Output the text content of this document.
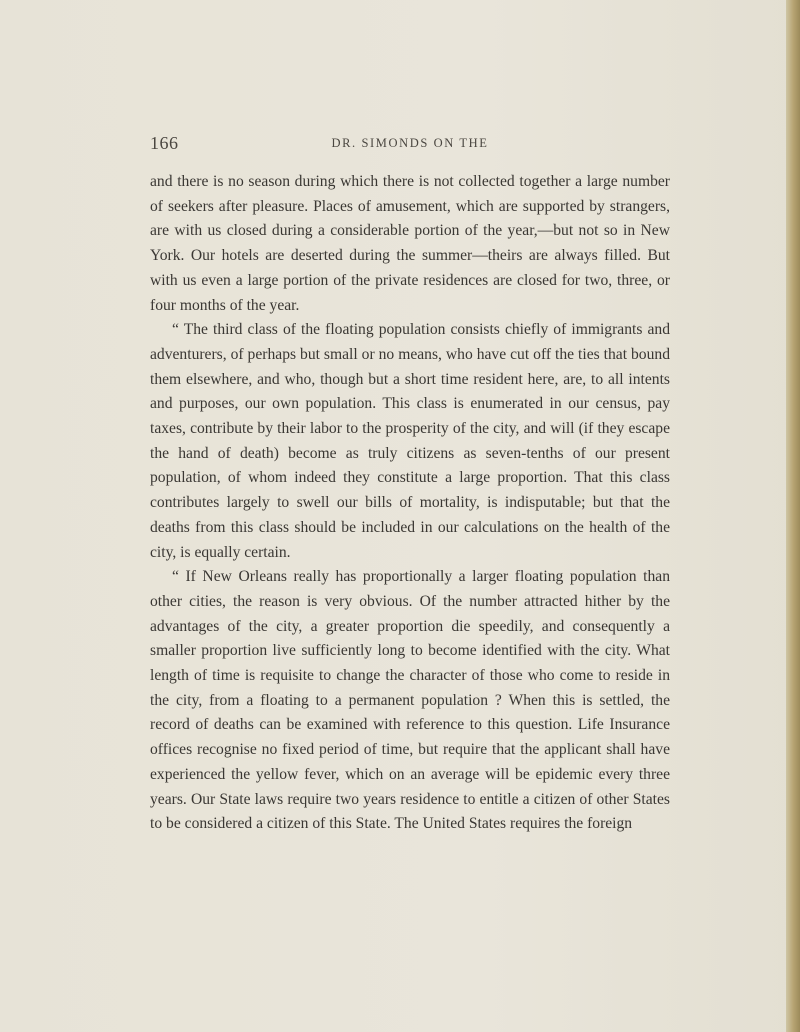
166	DR. SIMONDS ON THE

and there is no season during which there is not collected together a large number of seekers after pleasure. Places of amusement, which are supported by strangers, are with us closed during a considerable portion of the year,—but not so in New York. Our hotels are deserted during the summer—theirs are always filled. But with us even a large portion of the private residences are closed for two, three, or four months of the year.

“ The third class of the floating population consists chiefly of immigrants and adventurers, of perhaps but small or no means, who have cut off the ties that bound them elsewhere, and who, though but a short time resident here, are, to all intents and purposes, our own population. This class is enumerated in our census, pay taxes, contribute by their labor to the prosperity of the city, and will (if they escape the hand of death) become as truly citizens as seven-tenths of our present population, of whom indeed they constitute a large proportion. That this class contributes largely to swell our bills of mortality, is indisputable; but that the deaths from this class should be included in our calculations on the health of the city, is equally certain.

“ If New Orleans really has proportionally a larger floating population than other cities, the reason is very obvious. Of the number attracted hither by the advantages of the city, a greater proportion die speedily, and consequently a smaller proportion live sufficiently long to become identified with the city. What length of time is requisite to change the character of those who come to reside in the city, from a floating to a permanent population ? When this is settled, the record of deaths can be examined with reference to this question. Life Insurance offices recognise no fixed period of time, but require that the applicant shall have experienced the yellow fever, which on an average will be epidemic every three years. Our State laws require two years residence to entitle a citizen of other States to be considered a citizen of this State. The United States requires the foreign
